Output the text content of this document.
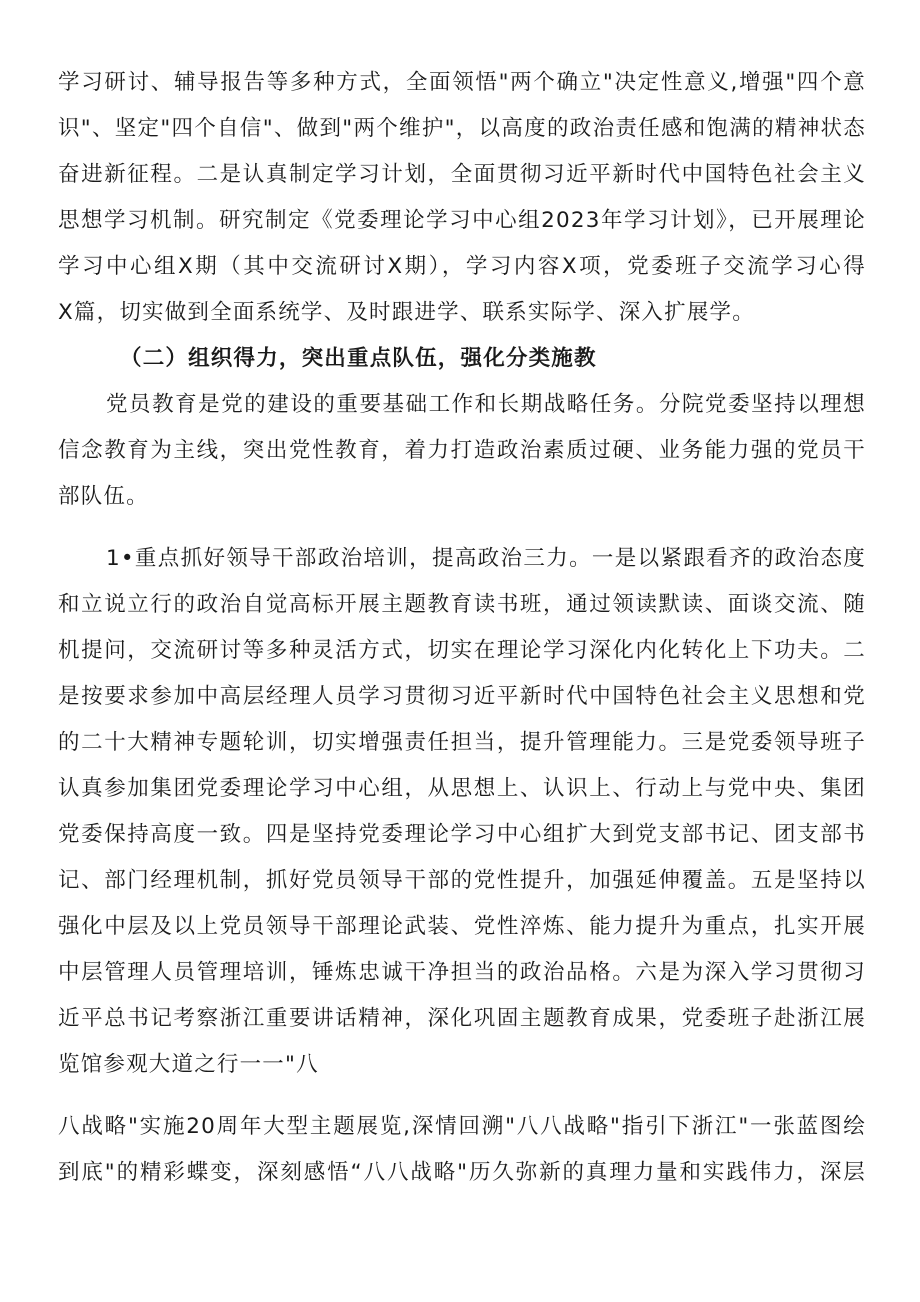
学习研讨、辅导报告等多种方式，全面领悟"两个确立"决定性意义,增强"四个意
识"、坚定"四个自信"、做到"两个维护"，以高度的政治责任感和饱满的精神状态
奋进新征程。二是认真制定学习计划，全面贯彻习近平新时代中国特色社会主义
思想学习机制。研究制定《党委理论学习中心组2023年学习计划》，已开展理论
学习中心组X期（其中交流研讨X期），学习内容X项，党委班子交流学习心得
X篇，切实做到全面系统学、及时跟进学、联系实际学、深入扩展学。
（二）组织得力，突出重点队伍，强化分类施教
党员教育是党的建设的重要基础工作和长期战略任务。分院党委坚持以理想
信念教育为主线，突出党性教育，着力打造政治素质过硬、业务能力强的党员干
部队伍。
1•重点抓好领导干部政治培训，提高政治三力。一是以紧跟看齐的政治态度
和立说立行的政治自觉高标开展主题教育读书班，通过领读默读、面谈交流、随
机提问，交流研讨等多种灵活方式，切实在理论学习深化内化转化上下功夫。二
是按要求参加中高层经理人员学习贯彻习近平新时代中国特色社会主义思想和党
的二十大精神专题轮训，切实增强责任担当，提升管理能力。三是党委领导班子
认真参加集团党委理论学习中心组，从思想上、认识上、行动上与党中央、集团
党委保持高度一致。四是坚持党委理论学习中心组扩大到党支部书记、团支部书
记、部门经理机制，抓好党员领导干部的党性提升，加强延伸覆盖。五是坚持以
强化中层及以上党员领导干部理论武装、党性淬炼、能力提升为重点，扎实开展
中层管理人员管理培训，锤炼忠诚干净担当的政治品格。六是为深入学习贯彻习
近平总书记考察浙江重要讲话精神，深化巩固主题教育成果，党委班子赴浙江展
览馆参观大道之行一一"八
八战略"实施20周年大型主题展览,深情回溯"八八战略"指引下浙江"一张蓝图绘
到底"的精彩蝶变，深刻感悟“八八战略"历久弥新的真理力量和实践伟力，深层
